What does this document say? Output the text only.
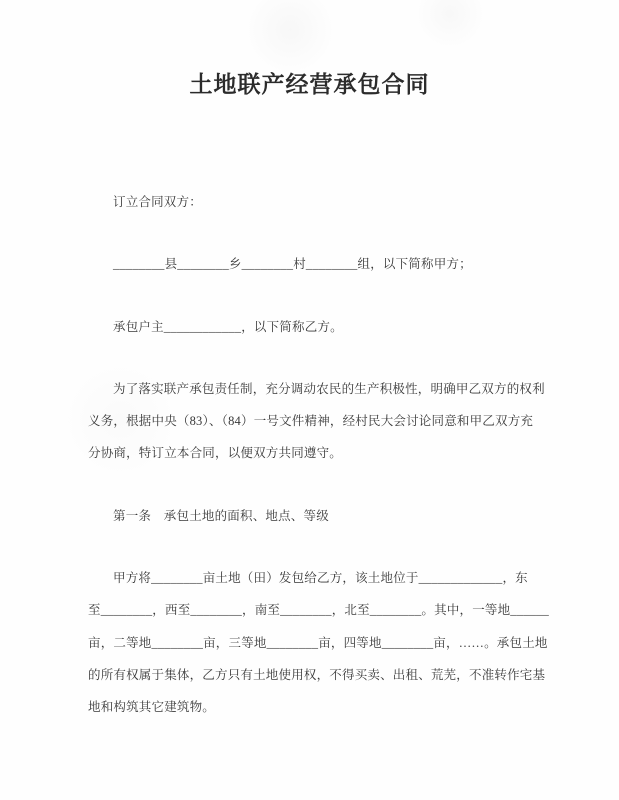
土地联产经营承包合同

订立合同双方：

________县________乡________村________组，以下简称甲方；

承包户主____________，以下简称乙方。

为了落实联产承包责任制，充分调动农民的生产积极性，明确甲乙双方的权利
义务，根据中央（83）、（84）一号文件精神，经村民大会讨论同意和甲乙双方充
分协商，特订立本合同，以便双方共同遵守。

第一条　承包土地的面积、地点、等级

甲方将________亩土地（田）发包给乙方，该土地位于_____________，东
至________，西至________，南至________，北至________。其中，一等地______
亩，二等地________亩，三等地________亩，四等地________亩，……。承包土地
的所有权属于集体，乙方只有土地使用权，不得买卖、出租、荒芜，不准转作宅基
地和构筑其它建筑物。
